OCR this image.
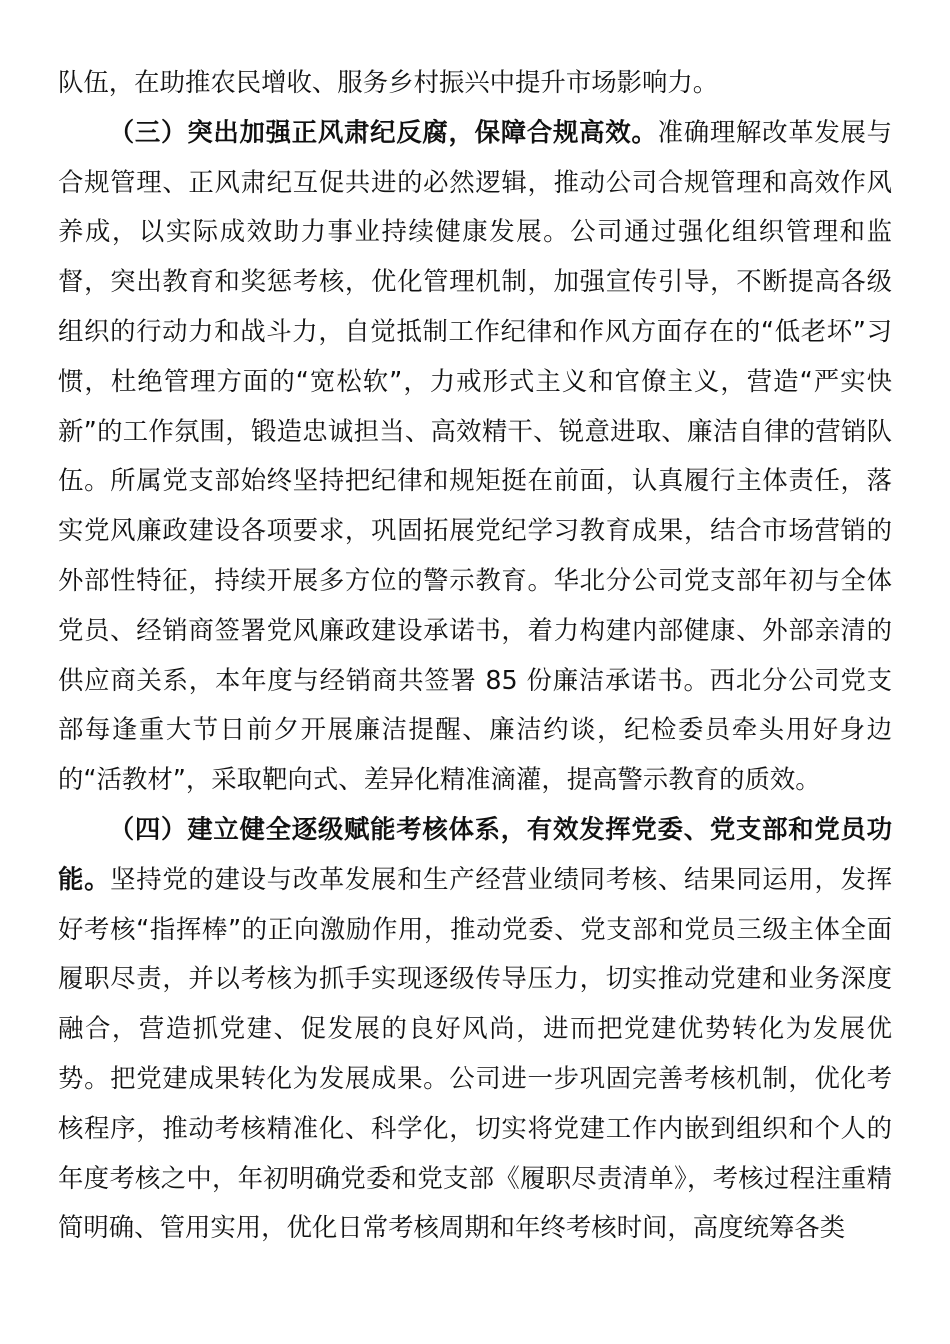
队伍，在助推农民增收、服务乡村振兴中提升市场影响力。

（三）突出加强正风肃纪反腐，保障合规高效。准确理解改革发展与合规管理、正风肃纪互促共进的必然逻辑，推动公司合规管理和高效作风养成，以实际成效助力事业持续健康发展。公司通过强化组织管理和监督，突出教育和奖惩考核，优化管理机制，加强宣传引导，不断提高各级组织的行动力和战斗力，自觉抵制工作纪律和作风方面存在的“低老坏”习惯，杜绝管理方面的“宽松软”，力戒形式主义和官僚主义，营造“严实快新”的工作氛围，锻造忠诚担当、高效精干、锐意进取、廉洁自律的营销队伍。所属党支部始终坚持把纪律和规矩挺在前面，认真履行主体责任，落实党风廉政建设各项要求，巩固拓展党纪学习教育成果，结合市场营销的外部性特征，持续开展多方位的警示教育。华北分公司党支部年初与全体党员、经销商签署党风廉政建设承诺书，着力构建内部健康、外部亲清的供应商关系，本年度与经销商共签署 85 份廉洁承诺书。西北分公司党支部每逢重大节日前夕开展廉洁提醒、廉洁约谈，纪检委员牵头用好身边的“活教材”，采取靶向式、差异化精准滴灌，提高警示教育的质效。

（四）建立健全逐级赋能考核体系，有效发挥党委、党支部和党员功能。坚持党的建设与改革发展和生产经营业绩同考核、结果同运用，发挥好考核“指挥棒”的正向激励作用，推动党委、党支部和党员三级主体全面履职尽责，并以考核为抓手实现逐级传导压力，切实推动党建和业务深度融合，营造抓党建、促发展的良好风尚，进而把党建优势转化为发展优势。把党建成果转化为发展成果。公司进一步巩固完善考核机制，优化考核程序，推动考核精准化、科学化，切实将党建工作内嵌到组织和个人的年度考核之中，年初明确党委和党支部《履职尽责清单》，考核过程注重精简明确、管用实用，优化日常考核周期和年终考核时间，高度统筹各类
